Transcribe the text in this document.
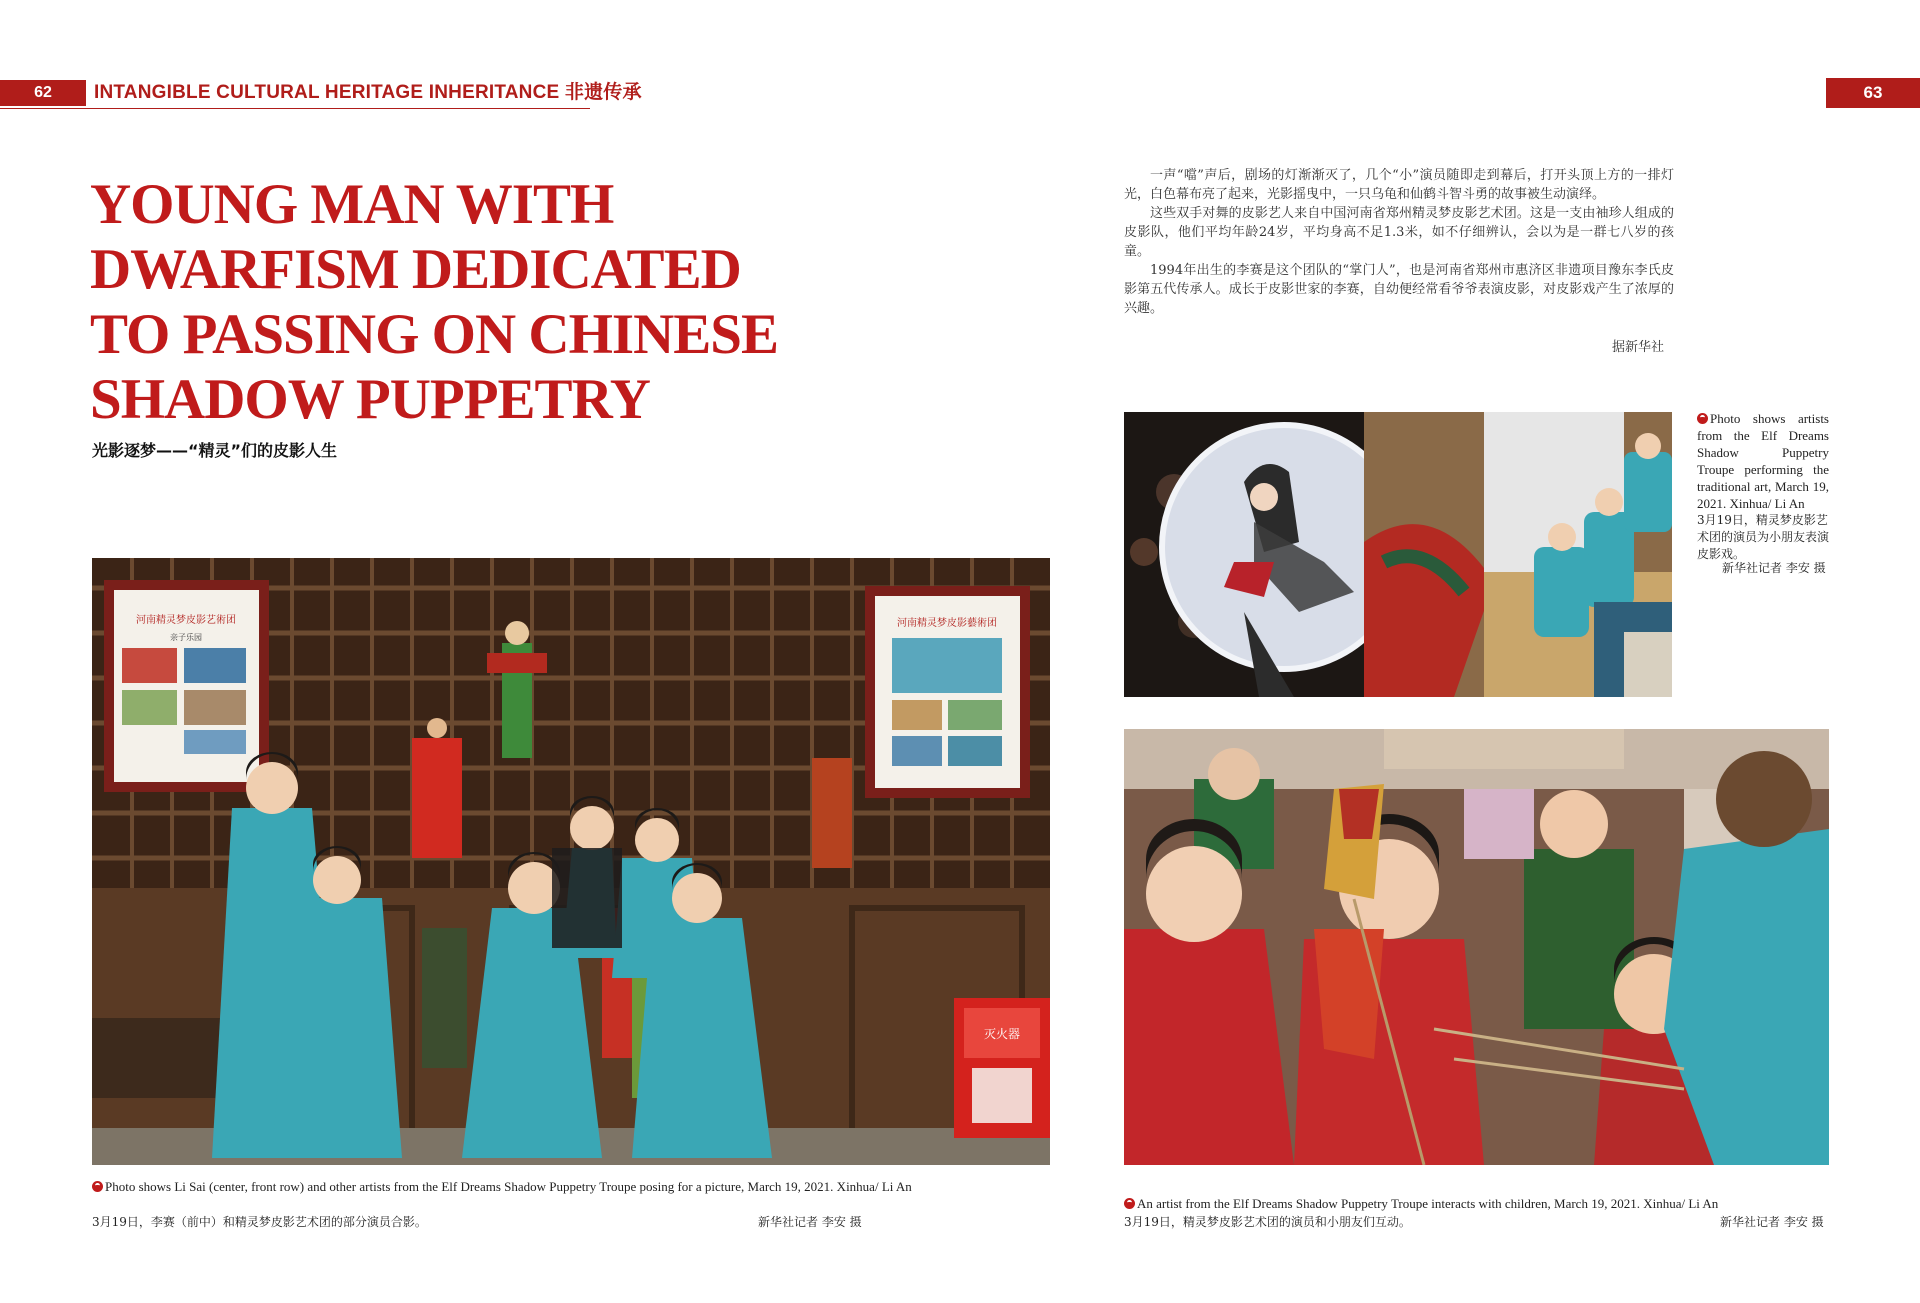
62	INTANGIBLE CULTURAL HERITAGE INHERITANCE 非遗传承	63
YOUNG MAN WITH
DWARFISM DEDICATED
TO PASSING ON CHINESE
SHADOW PUPPETRY
光影逐梦——“精灵”们的皮影人生

一声“噹”声后，剧场的灯渐渐灭了，几个“小”演员随即走到幕后，打开头顶上方的一排灯光，白色幕布亮了起来，光影摇曳中，一只乌龟和仙鹤斗智斗勇的故事被生动演绎。

这些双手对舞的皮影艺人来自中国河南省郑州精灵梦皮影艺术团。这是一支由袖珍人组成的皮影队，他们平均年龄24岁，平均身高不足1.3米，如不仔细辨认，会以为是一群七八岁的孩童。

1994年出生的李赛是这个团队的“掌门人”，也是河南省郑州市惠济区非遗项目豫东李氏皮影第五代传承人。成长于皮影世家的李赛，自幼便经常看爷爷表演皮影，对皮影戏产生了浓厚的兴趣。

据新华社
河南精灵梦皮影艺術团
亲子乐园
河南精灵梦皮影藝術团
灭火器
Photo shows Li Sai (center, front row) and other artists from the Elf Dreams Shadow Puppetry Troupe posing for a picture, March 19, 2021. Xinhua/ Li An
3月19日，李赛（前中）和精灵梦皮影艺术团的部分演员合影。	新华社记者 李安 摄
Photo shows artists from the Elf Dreams Shadow Puppetry Troupe performing the traditional art, March 19, 2021. Xinhua/ Li An
3月19日，精灵梦皮影艺术团的演员为小朋友表演皮影戏。
新华社记者 李安 摄
An artist from the Elf Dreams Shadow Puppetry Troupe interacts with children, March 19, 2021. Xinhua/ Li An
3月19日，精灵梦皮影艺术团的演员和小朋友们互动。	新华社记者 李安 摄
